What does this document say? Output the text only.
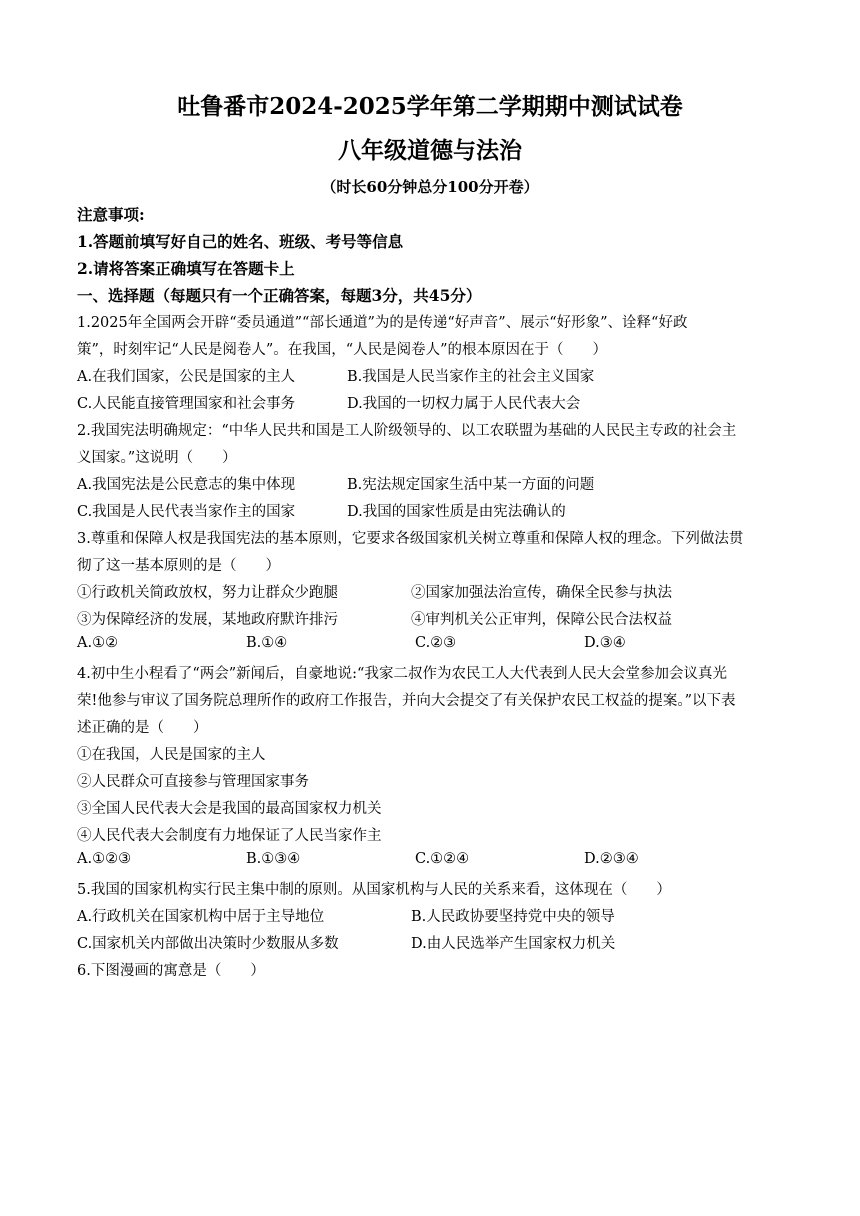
吐鲁番市2024-2025学年第二学期期中测试试卷
八年级道德与法治
（时长60分钟总分100分开卷）
注意事项:
1.答题前填写好自己的姓名、班级、考号等信息
2.请将答案正确填写在答题卡上
一、选择题（每题只有一个正确答案，每题3分，共45分）
1.2025年全国两会开辟“委员通道”“部长通道”为的是传递“好声音”、展示“好形象”、诠释“好政
策”，时刻牢记“人民是阅卷人”。在我国，“人民是阅卷人”的根本原因在于（　　）
A.在我们国家，公民是国家的主人	B.我国是人民当家作主的社会主义国家
C.人民能直接管理国家和社会事务	D.我国的一切权力属于人民代表大会
2.我国宪法明确规定：“中华人民共和国是工人阶级领导的、以工农联盟为基础的人民民主专政的社会主
义国家。”这说明（　　）
A.我国宪法是公民意志的集中体现	B.宪法规定国家生活中某一方面的问题
C.我国是人民代表当家作主的国家	D.我国的国家性质是由宪法确认的
3.尊重和保障人权是我国宪法的基本原则，它要求各级国家机关树立尊重和保障人权的理念。下列做法贯
彻了这一基本原则的是（　　）
①行政机关简政放权，努力让群众少跑腿	②国家加强法治宣传，确保全民参与执法
③为保障经济的发展，某地政府默许排污	④审判机关公正审判，保障公民合法权益
A.①②	B.①④	C.②③	D.③④
4.初中生小程看了“两会”新闻后，自豪地说:“我家二叔作为农民工人大代表到人民大会堂参加会议真光
荣!他参与审议了国务院总理所作的政府工作报告，并向大会提交了有关保护农民工权益的提案。”以下表
述正确的是（　　）
①在我国，人民是国家的主人
②人民群众可直接参与管理国家事务
③全国人民代表大会是我国的最高国家权力机关
④人民代表大会制度有力地保证了人民当家作主
A.①②③	B.①③④	C.①②④	D.②③④
5.我国的国家机构实行民主集中制的原则。从国家机构与人民的关系来看，这体现在（　　）
A.行政机关在国家机构中居于主导地位	B.人民政协要坚持党中央的领导
C.国家机关内部做出决策时少数服从多数	D.由人民选举产生国家权力机关
6.下图漫画的寓意是（　　）
